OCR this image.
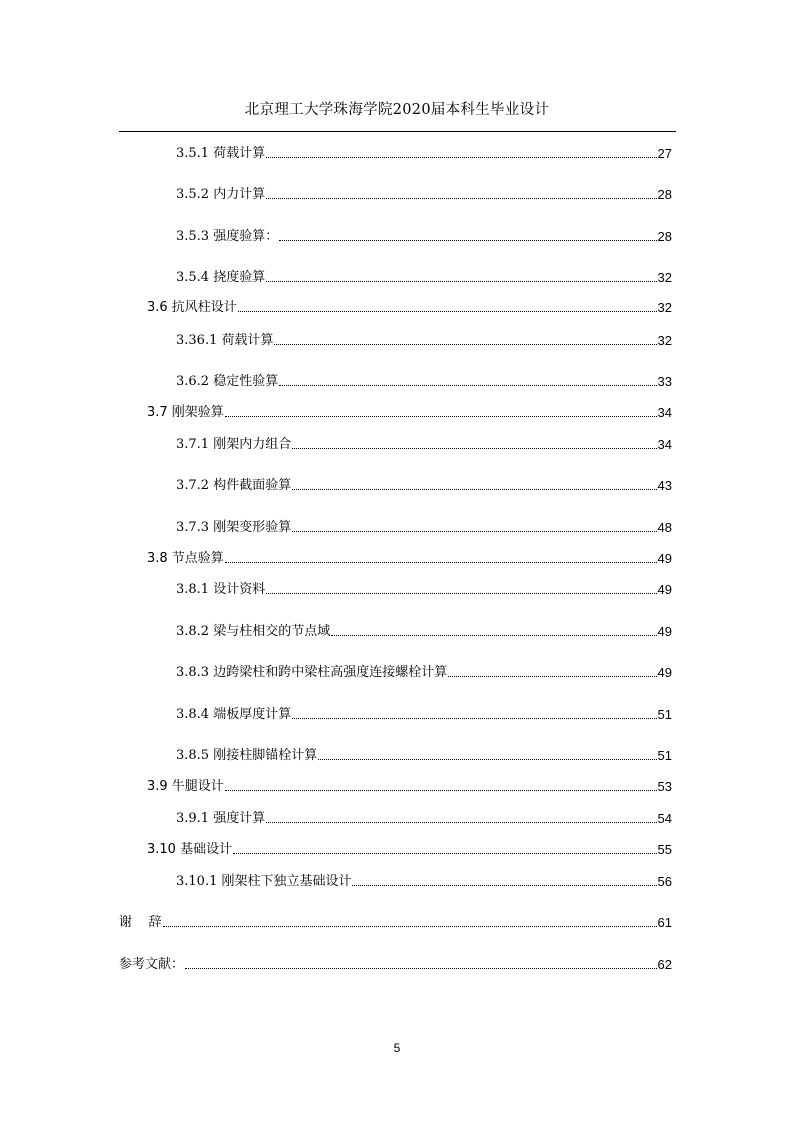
北京理工大学珠海学院2020届本科生毕业设计
3.5.1 荷载计算	27
3.5.2 内力计算	28
3.5.3 强度验算：	28
3.5.4 挠度验算	32
3.6 抗风柱设计	32
3.36.1 荷载计算	32
3.6.2 稳定性验算	33
3.7 刚架验算	34
3.7.1 刚架内力组合	34
3.7.2 构件截面验算	43
3.7.3 刚架变形验算	48
3.8 节点验算	49
3.8.1 设计资料	49
3.8.2 梁与柱相交的节点域	49
3.8.3 边跨梁柱和跨中梁柱高强度连接螺栓计算	49
3.8.4 端板厚度计算	51
3.8.5 刚接柱脚锚栓计算	51
3.9 牛腿设计	53
3.9.1 强度计算	54
3.10 基础设计	55
3.10.1 刚架柱下独立基础设计	56
谢    辞	61
参考文献：	62
5
